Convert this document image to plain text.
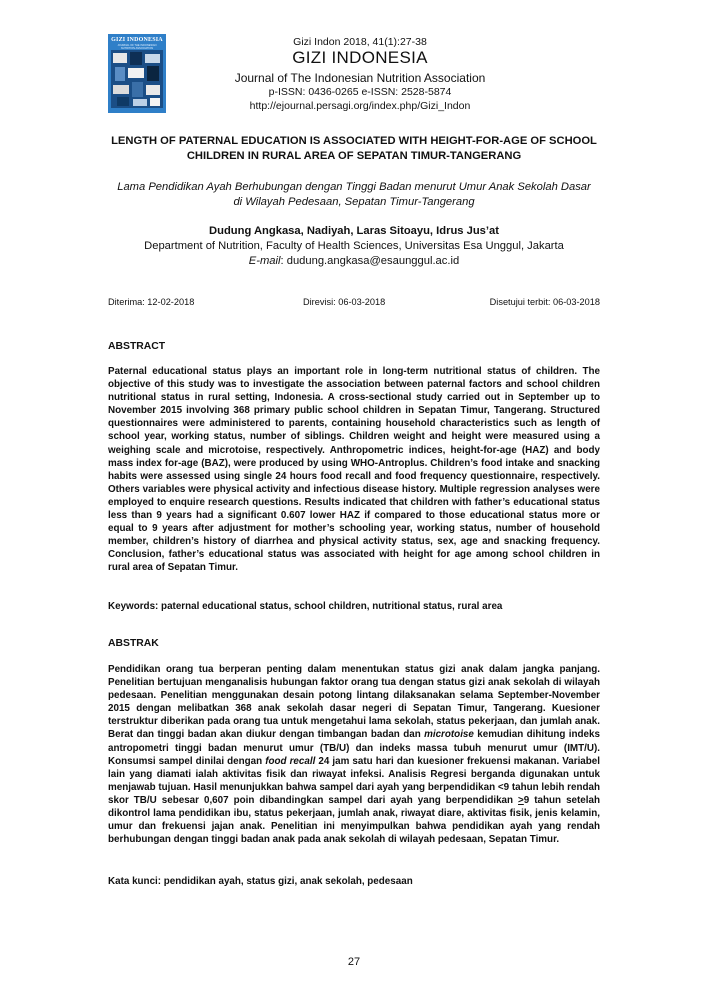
GIZI INDONESIA
JOURNAL OF THE INDONESIAN NUTRITION ASSOCIATION
Gizi Indon 2018, 41(1):27-38
GIZI INDONESIA
Journal of The Indonesian Nutrition Association
p-ISSN: 0436-0265 e-ISSN: 2528-5874
http://ejournal.persagi.org/index.php/Gizi_Indon
LENGTH OF PATERNAL EDUCATION IS ASSOCIATED WITH HEIGHT-FOR-AGE OF SCHOOL
CHILDREN IN RURAL AREA OF SEPATAN TIMUR-TANGERANG
Lama Pendidikan Ayah Berhubungan dengan Tinggi Badan menurut Umur Anak Sekolah Dasar
di Wilayah Pedesaan, Sepatan Timur-Tangerang
Dudung Angkasa, Nadiyah, Laras Sitoayu, Idrus Jus’at
Department of Nutrition, Faculty of Health Sciences, Universitas Esa Unggul, Jakarta
E-mail: dudung.angkasa@esaunggul.ac.id
Diterima: 12-02-2018	Direvisi: 06-03-2018	Disetujui terbit: 06-03-2018
ABSTRACT
Paternal educational status plays an important role in long-term nutritional status of children. The objective of this study was to investigate the association between paternal factors and school children nutritional status in rural setting, Indonesia. A cross-sectional study carried out in September up to November 2015 involving 368 primary public school children in Sepatan Timur, Tangerang. Structured questionnaires were administered to parents, containing household characteristics such as length of school year, working status, number of siblings. Children weight and height were measured using a weighing scale and microtoise, respectively. Anthropometric indices, height-for-age (HAZ) and body mass index for-age (BAZ), were produced by using WHO-Antroplus. Children’s food intake and snacking habits were assessed using single 24 hours food recall and food frequency questionnaire, respectively. Others variables were physical activity and infectious disease history. Multiple regression analyses were employed to enquire research questions. Results indicated that children with father’s educational status less than 9 years had a significant 0.607 lower HAZ if compared to those educational status more or equal to 9 years after adjustment for mother’s schooling year, working status, number of household member, children’s history of diarrhea and physical activity status, sex, age and snacking frequency. Conclusion, father’s educational status was associated with height for age among school children in rural area of Sepatan Timur.
Keywords: paternal educational status, school children, nutritional status, rural area
ABSTRAK
Pendidikan orang tua berperan penting dalam menentukan status gizi anak dalam jangka panjang. Penelitian bertujuan menganalisis hubungan faktor orang tua dengan status gizi anak sekolah di wilayah pedesaan. Penelitian menggunakan desain potong lintang dilaksanakan selama September-November 2015 dengan melibatkan 368 anak sekolah dasar negeri di Sepatan Timur, Tangerang. Kuesioner terstruktur diberikan pada orang tua untuk mengetahui lama sekolah, status pekerjaan, dan jumlah anak. Berat dan tinggi badan akan diukur dengan timbangan badan dan microtoise kemudian dihitung indeks antropometri tinggi badan menurut umur (TB/U) dan indeks massa tubuh menurut umur (IMT/U). Konsumsi sampel dinilai dengan food recall 24 jam satu hari dan kuesioner frekuensi makanan. Variabel lain yang diamati ialah aktivitas fisik dan riwayat infeksi. Analisis Regresi berganda digunakan untuk menjawab tujuan. Hasil menunjukkan bahwa sampel dari ayah yang berpendidikan <9 tahun lebih rendah skor TB/U sebesar 0,607 poin dibandingkan sampel dari ayah yang berpendidikan >9 tahun setelah dikontrol lama pendidikan ibu, status pekerjaan, jumlah anak, riwayat diare, aktivitas fisik, jenis kelamin, umur dan frekuensi jajan anak. Penelitian ini menyimpulkan bahwa pendidikan ayah yang rendah berhubungan dengan tinggi badan anak pada anak sekolah di wilayah pedesaan, Sepatan Timur.
Kata kunci: pendidikan ayah, status gizi, anak sekolah, pedesaan
27
